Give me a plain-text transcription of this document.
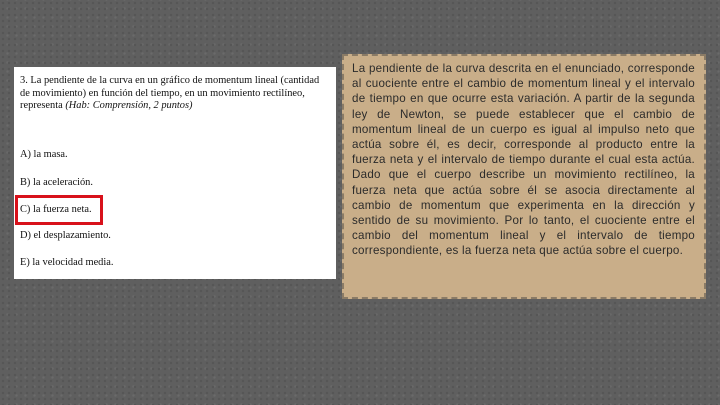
3. La pendiente de la curva en un gráfico de momentum lineal (cantidad de movimiento) en función del tiempo, en un movimiento rectilíneo, representa (Hab: Comprensión, 2 puntos)

A) la masa.
B) la aceleración.
C) la fuerza neta.
D) el desplazamiento.
E) la velocidad media.

La pendiente de la curva descrita en el enunciado, corresponde al cuociente entre el cambio de momentum lineal y el intervalo de tiempo en que ocurre esta variación. A partir de la segunda ley de Newton, se puede establecer que el cambio de momentum lineal de un cuerpo es igual al impulso neto que actúa sobre él, es decir, corresponde al producto entre la fuerza neta y el intervalo de tiempo durante el cual esta actúa. Dado que el cuerpo describe un movimiento rectilíneo, la fuerza neta que actúa sobre él se asocia directamente al cambio de momentum que experimenta en la dirección y sentido de su movimiento. Por lo tanto, el cuociente entre el cambio del momentum lineal y el intervalo de tiempo correspondiente, es la fuerza neta que actúa sobre el cuerpo.
